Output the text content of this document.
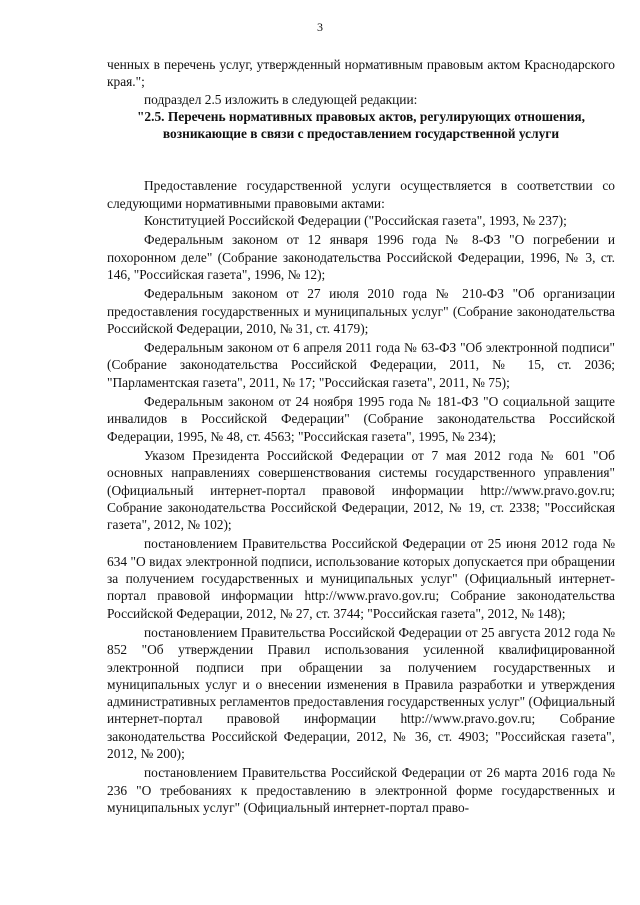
3

ченных в перечень услуг, утвержденный нормативным правовым актом Краснодарского края.";

подраздел 2.5 изложить в следующей редакции:

"2.5. Перечень нормативных правовых актов, регулирующих отношения, возникающие в связи с предоставлением государственной услуги

Предоставление государственной услуги осуществляется в соответствии со следующими нормативными правовыми актами:

Конституцией Российской Федерации ("Российская газета", 1993, № 237);

Федеральным законом от 12 января 1996 года № 8-ФЗ "О погребении и похоронном деле" (Собрание законодательства Российской Федерации, 1996, № 3, ст. 146, "Российская газета", 1996, № 12);

Федеральным законом от 27 июля 2010 года № 210-ФЗ "Об организации предоставления государственных и муниципальных услуг" (Собрание законодательства Российской Федерации, 2010, № 31, ст. 4179);

Федеральным законом от 6 апреля 2011 года № 63-ФЗ "Об электронной подписи" (Собрание законодательства Российской Федерации, 2011, № 15, ст. 2036; "Парламентская газета", 2011, № 17; "Российская газета", 2011, № 75);

Федеральным законом от 24 ноября 1995 года № 181-ФЗ "О социальной защите инвалидов в Российской Федерации" (Собрание законодательства Российской Федерации, 1995, № 48, ст. 4563; "Российская газета", 1995, № 234);

Указом Президента Российской Федерации от 7 мая 2012 года № 601 "Об основных направлениях совершенствования системы государственного управления" (Официальный интернет-портал правовой информации http://www.pravo.gov.ru; Собрание законодательства Российской Федерации, 2012, № 19, ст. 2338; "Российская газета", 2012, № 102);

постановлением Правительства Российской Федерации от 25 июня 2012 года № 634 "О видах электронной подписи, использование которых допускается при обращении за получением государственных и муниципальных услуг" (Официальный интернет-портал правовой информации http://www.pravo.gov.ru; Собрание законодательства Российской Федерации, 2012, № 27, ст. 3744; "Российская газета", 2012, № 148);

постановлением Правительства Российской Федерации от 25 августа 2012 года № 852 "Об утверждении Правил использования усиленной квалифицированной электронной подписи при обращении за получением государственных и муниципальных услуг и о внесении изменения в Правила разработки и утверждения административных регламентов предоставления государственных услуг" (Официальный интернет-портал правовой информации http://www.pravo.gov.ru; Собрание законодательства Российской Федерации, 2012, № 36, ст. 4903; "Российская газета", 2012, № 200);

постановлением Правительства Российской Федерации от 26 марта 2016 года № 236 "О требованиях к предоставлению в электронной форме государственных и муниципальных услуг" (Официальный интернет-портал право-
